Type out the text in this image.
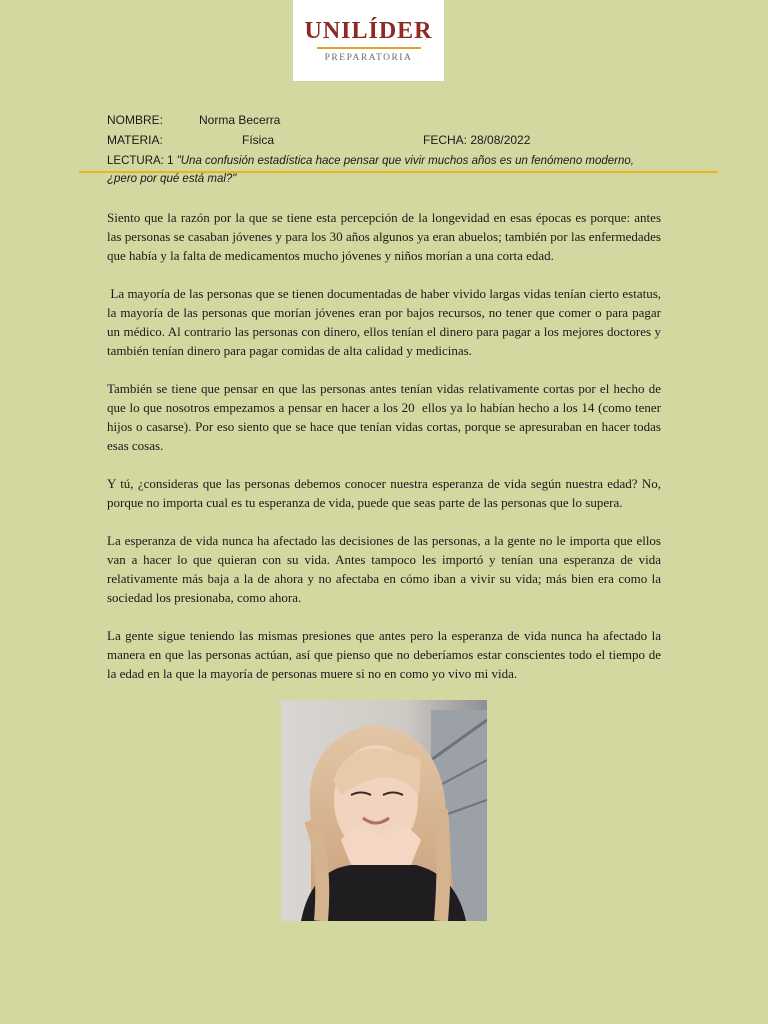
UNILÍDER
PREPARATORIA
NOMBRE:	Norma Becerra
MATERIA:	Física	FECHA: 28/08/2022
LECTURA: 1 "Una confusión estadística hace pensar que vivir muchos años es un fenómeno moderno, ¿pero por qué está mal?"

Siento que la razón por la que se tiene esta percepción de la longevidad en esas épocas es porque: antes las personas se casaban jóvenes y para los 30 años algunos ya eran abuelos; también por las enfermedades que había y la falta de medicamentos mucho jóvenes y niños morían a una corta edad.

La mayoría de las personas que se tienen documentadas de haber vivido largas vidas tenían cierto estatus, la mayoría de las personas que morían jóvenes eran por bajos recursos, no tener que comer o para pagar un médico. Al contrario las personas con dinero, ellos tenían el dinero para pagar a los mejores doctores y también tenían dinero para pagar comidas de alta calidad y medicinas.

También se tiene que pensar en que las personas antes tenían vidas relativamente cortas por el hecho de que lo que nosotros empezamos a pensar en hacer a los 20  ellos ya lo habían hecho a los 14 (como tener hijos o casarse). Por eso siento que se hace que tenían vidas cortas, porque se apresuraban en hacer todas esas cosas.

Y tú, ¿consideras que las personas debemos conocer nuestra esperanza de vida según nuestra edad? No, porque no importa cual es tu esperanza de vida, puede que seas parte de las personas que lo supera.

La esperanza de vida nunca ha afectado las decisiones de las personas, a la gente no le importa que ellos van a hacer lo que quieran con su vida. Antes tampoco les importó y tenían una esperanza de vida relativamente más baja a la de ahora y no afectaba en cómo iban a vivir su vida; más bien era como la sociedad los presionaba, como ahora.

La gente sigue teniendo las mismas presiones que antes pero la esperanza de vida nunca ha afectado la manera en que las personas actúan, así que pienso que no deberíamos estar conscientes todo el tiempo de la edad en la que la mayoría de personas muere si no en como yo vivo mi vida.
